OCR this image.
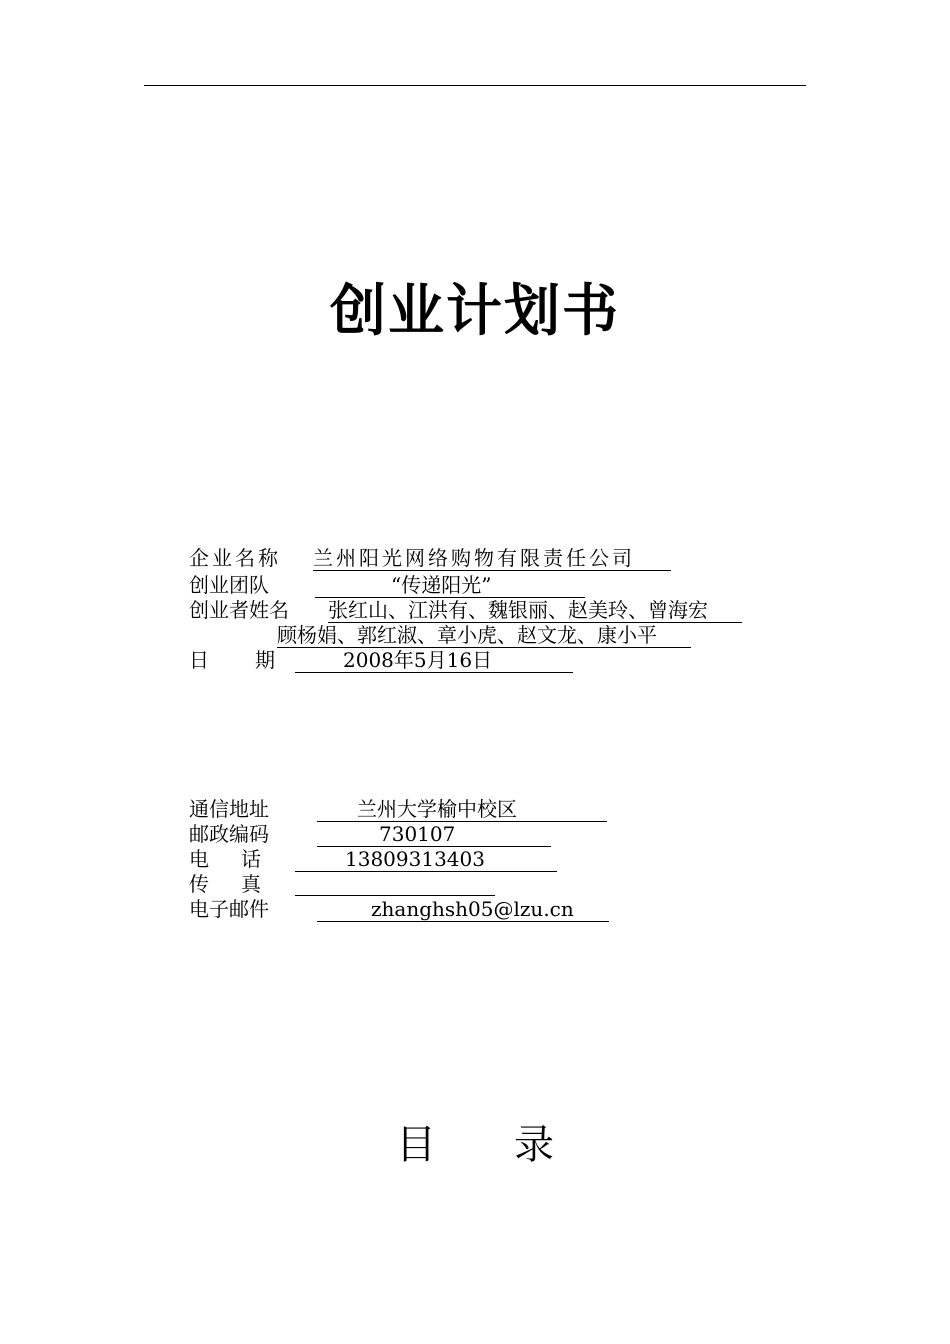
创业计划书
企业名称 兰州阳光网络购物有限责任公司
创业团队	“传递阳光”
创业者姓名 张红山、江洪有、魏银丽、赵美玲、曾海宏
顾杨娟、郭红淑、章小虎、赵文龙、康小平
日　　期	2008年5月16日
通信地址	兰州大学榆中校区
邮政编码	730107
电　话	13809313403
传　真
电子邮件	zhanghsh05@lzu.cn
目 录
